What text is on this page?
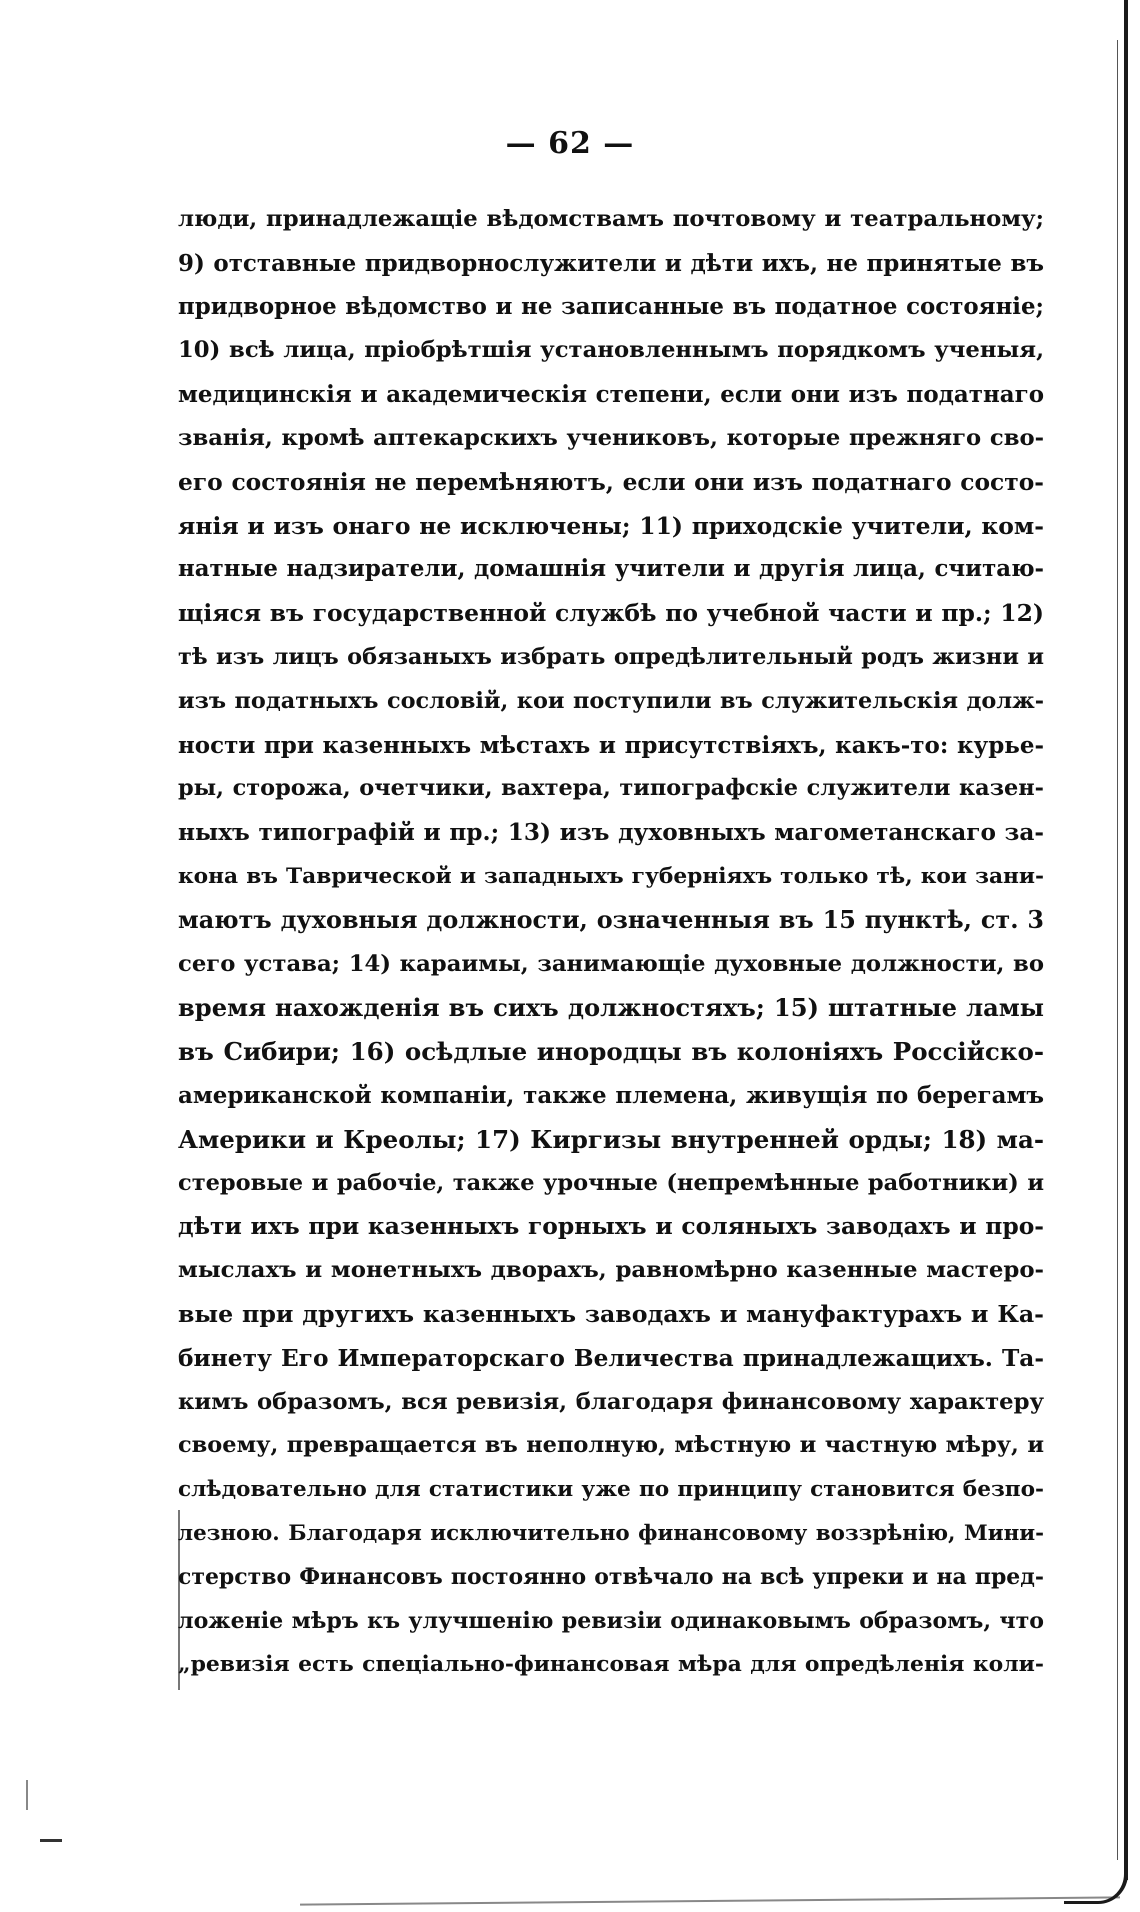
— 62 —
люди, принадлежащіе вѣдомствамъ почтовому и театральному;
9) отставные придворнослужители и дѣти ихъ, не принятые въ
придворное вѣдомство и не записанные въ податное состояніе;
10) всѣ лица, пріобрѣтшія установленнымъ порядкомъ ученыя,
медицинскія и академическія степени, если они изъ податнаго
званія, кромѣ аптекарскихъ учениковъ, которые прежняго сво-
его состоянія не перемѣняютъ, если они изъ податнаго состо-
янія и изъ онаго не исключены; 11) приходскіе учители, ком-
натные надзиратели, домашнія учители и другія лица, считаю-
щіяся въ государственной службѣ по учебной части и пр.; 12)
тѣ изъ лицъ обязаныхъ избрать опредѣлительный родъ жизни и
изъ податныхъ сословій, кои поступили въ служительскія долж-
ности при казенныхъ мѣстахъ и присутствіяхъ, какъ-то: курье-
ры, сторожа, очетчики, вахтера, типографскіе служители казен-
ныхъ типографій и пр.; 13) изъ духовныхъ магометанскаго за-
кона въ Таврической и западныхъ губерніяхъ только тѣ, кои зани-
маютъ духовныя должности, означенныя въ 15 пунктѣ, ст. 3
сего устава; 14) караимы, занимающіе духовные должности, во
время нахожденія въ сихъ должностяхъ; 15) штатные ламы
въ Сибири; 16) осѣдлые инородцы въ колоніяхъ Россійско-
американской компаніи, также племена, живущія по берегамъ
Америки и Креолы; 17) Киргизы внутренней орды; 18) ма-
стеровые и рабочіе, также урочные (непремѣнные работники) и
дѣти ихъ при казенныхъ горныхъ и соляныхъ заводахъ и про-
мыслахъ и монетныхъ дворахъ, равномѣрно казенные мастеро-
вые при другихъ казенныхъ заводахъ и мануфактурахъ и Ка-
бинету Его Императорскаго Величества принадлежащихъ. Та-
кимъ образомъ, вся ревизія, благодаря финансовому характеру
своему, превращается въ неполную, мѣстную и частную мѣру, и
слѣдовательно для статистики уже по принципу становится безпо-
лезною. Благодаря исключительно финансовому воззрѣнію, Мини-
стерство Финансовъ постоянно отвѣчало на всѣ упреки и на пред-
ложеніе мѣръ къ улучшенію ревизіи одинаковымъ образомъ, что
„ревизія есть спеціально-финансовая мѣра для опредѣленія коли-
